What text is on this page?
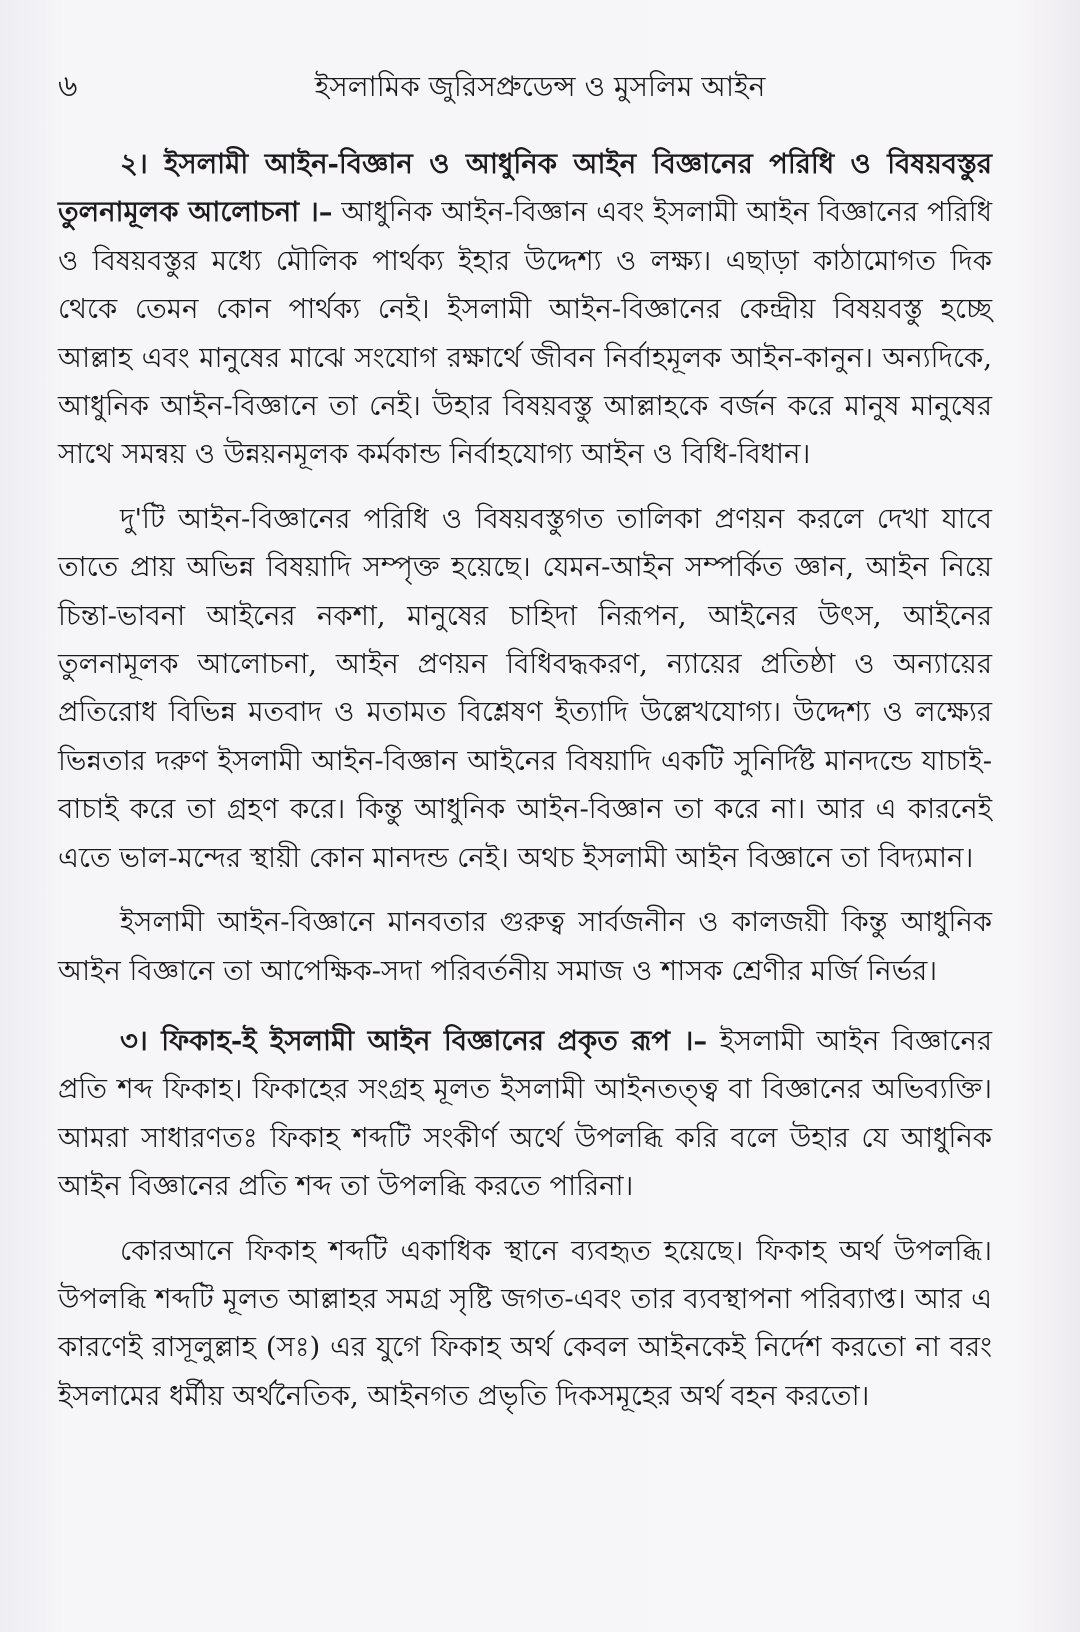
৬	ইসলামিক জুরিসপ্রুডেন্স ও মুসলিম আইন

২। ইসলামী আইন-বিজ্ঞান ও আধুনিক আইন বিজ্ঞানের পরিধি ও বিষয়বস্তুর তুলনামূলক আলোচনা ।– আধুনিক আইন-বিজ্ঞান এবং ইসলামী আইন বিজ্ঞানের পরিধি ও বিষয়বস্তুর মধ্যে মৌলিক পার্থক্য ইহার উদ্দেশ্য ও লক্ষ্য। এছাড়া কাঠামোগত দিক থেকে তেমন কোন পার্থক্য নেই। ইসলামী আইন-বিজ্ঞানের কেন্দ্রীয় বিষয়বস্তু হচ্ছে আল্লাহ এবং মানুষের মাঝে সংযোগ রক্ষার্থে জীবন নির্বাহমূলক আইন-কানুন। অন্যদিকে, আধুনিক আইন-বিজ্ঞানে তা নেই। উহার বিষয়বস্তু আল্লাহকে বর্জন করে মানুষ মানুষের সাথে সমন্বয় ও উন্নয়নমূলক কর্মকান্ড নির্বাহযোগ্য আইন ও বিধি-বিধান।

দু'টি আইন-বিজ্ঞানের পরিধি ও বিষয়বস্তুগত তালিকা প্রণয়ন করলে দেখা যাবে তাতে প্রায় অভিন্ন বিষয়াদি সম্পৃক্ত হয়েছে। যেমন-আইন সম্পর্কিত জ্ঞান, আইন নিয়ে চিন্তা-ভাবনা আইনের নকশা, মানুষের চাহিদা নিরূপন, আইনের উৎস, আইনের তুলনামূলক আলোচনা, আইন প্রণয়ন বিধিবদ্ধকরণ, ন্যায়ের প্রতিষ্ঠা ও অন্যায়ের প্রতিরোধ বিভিন্ন মতবাদ ও মতামত বিশ্লেষণ ইত্যাদি উল্লেখযোগ্য। উদ্দেশ্য ও লক্ষ্যের ভিন্নতার দরুণ ইসলামী আইন-বিজ্ঞান আইনের বিষয়াদি একটি সুনির্দিষ্ট মানদন্ডে যাচাই-বাচাই করে তা গ্রহণ করে। কিন্তু আধুনিক আইন-বিজ্ঞান তা করে না। আর এ কারনেই এতে ভাল-মন্দের স্থায়ী কোন মানদন্ড নেই। অথচ ইসলামী আইন বিজ্ঞানে তা বিদ্যমান।

ইসলামী আইন-বিজ্ঞানে মানবতার গুরুত্ব সার্বজনীন ও কালজয়ী কিন্তু আধুনিক আইন বিজ্ঞানে তা আপেক্ষিক-সদা পরিবর্তনীয় সমাজ ও শাসক শ্রেণীর মর্জি নির্ভর।

৩। ফিকাহ-ই ইসলামী আইন বিজ্ঞানের প্রকৃত রূপ ।– ইসলামী আইন বিজ্ঞানের প্রতি শব্দ ফিকাহ। ফিকাহের সংগ্রহ মূলত ইসলামী আইনতত্ত্ব বা বিজ্ঞানের অভিব্যক্তি। আমরা সাধারণতঃ ফিকাহ শব্দটি সংকীর্ণ অর্থে উপলব্ধি করি বলে উহার যে আধুনিক আইন বিজ্ঞানের প্রতি শব্দ তা উপলব্ধি করতে পারিনা।

কোরআনে ফিকাহ শব্দটি একাধিক স্থানে ব্যবহৃত হয়েছে। ফিকাহ অর্থ উপলব্ধি। উপলব্ধি শব্দটি মূলত আল্লাহর সমগ্র সৃষ্টি জগত-এবং তার ব্যবস্থাপনা পরিব্যাপ্ত। আর এ কারণেই রাসূলুল্লাহ (সঃ) এর যুগে ফিকাহ অর্থ কেবল আইনকেই নির্দেশ করতো না বরং ইসলামের ধর্মীয় অর্থনৈতিক, আইনগত প্রভৃতি দিকসমূহের অর্থ বহন করতো।
